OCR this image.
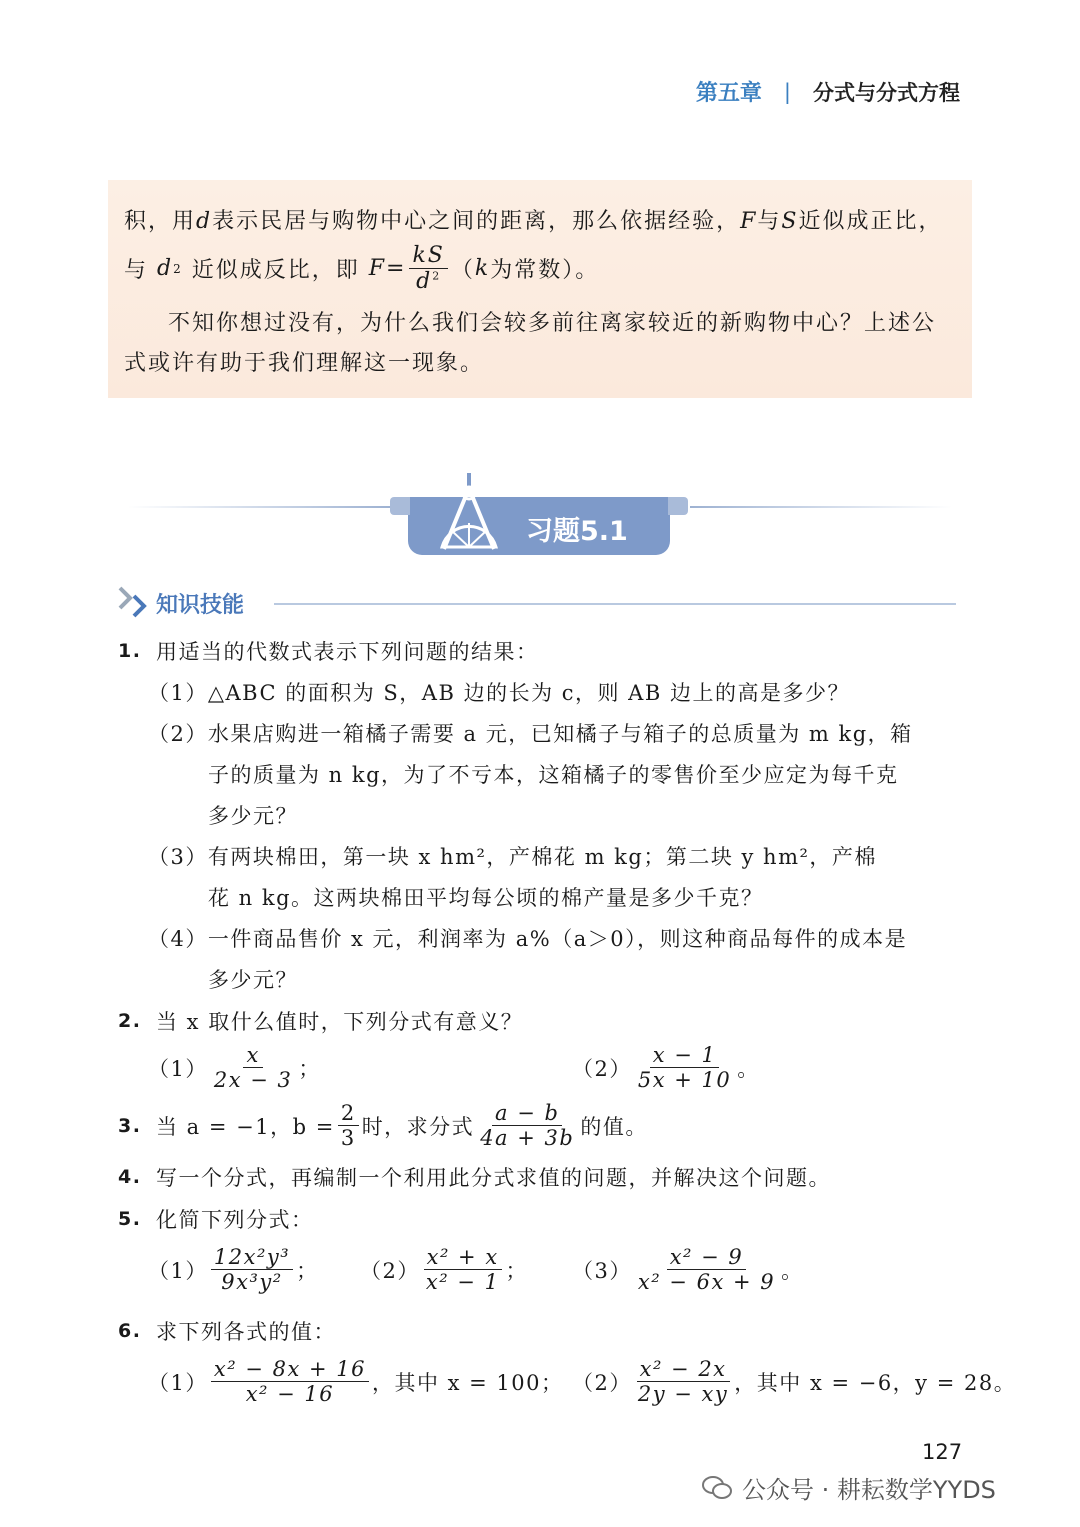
第五章 | 分式与分式方程

积，用d表示民居与购物中心之间的距离，那么依据经验，F与S近似成正比，

与
d 2
近似成反比，即
$F = \frac{kS}{d^2}$ （ k 为常数）。

不知你想过没有，为什么我们会较多前往离家较近的新购物中心？上述公

式或许有助于我们理解这一现象。

习题5.1
知识技能
1. 用适当的代数式表示下列问题的结果：
（1）△ABC 的面积为 S，AB 边的长为 c，则 AB 边上的高是多少？
（2）水果店购进一箱橘子需要 a 元，已知橘子与箱子的总质量为 m kg，箱
子的质量为 n kg，为了不亏本，这箱橘子的零售价至少应定为每千克
多少元？
（3）有两块棉田，第一块 x hm²，产棉花 m kg；第二块 y hm²，产棉
花 n kg。这两块棉田平均每公顷的棉产量是多少千克？
（4）一件商品售价 x 元，利润率为 a%（a＞0），则这种商品每件的成本是
多少元？
2. 当 x 取什么值时，下列分式有意义？
$(1) \frac{x}{2x - 3}$ ；	$(2) \frac{x - 1}{5x + 10}$ 。
3. 当 a = −1，$b = \frac{2}{3}$ 时，求分式 $\frac{a - b}{4a + 3b}$ 的值。
4. 写一个分式，再编制一个利用此分式求值的问题，并解决这个问题。
5. 化简下列分式：
$(1) \frac{\text{12x²y³}}{\text{9x³y²}}$ ； $(2) \frac{\text{x² + x}}{\text{x² − 1}}$ ； $(3) \frac{\text{x² − 9}}{\text{x² − 6x + 9}}$ 。
6. 求下列各式的值：
$(1) \frac{\text{x² − 8x + 16}}{\text{x² − 16}}$ ，其中 x = 100； $(2) \frac{\text{x² − 2x}}{2y - xy}$ ，其中 x = −6，y = 28。
127
公众号 · 耕耘数学YYDS
